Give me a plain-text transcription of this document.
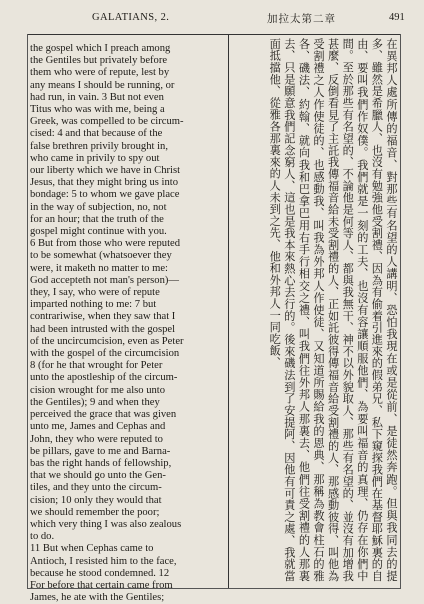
GALATIANS, 2.	加拉太第二章	491
the gospel which I preach among
the Gentiles but privately before
them who were of repute, lest by
any means I should be running, or
had run, in vain. 3 But not even
Titus who was with me, being a
Greek, was compelled to be circum-
cised: 4 and that because of the
false brethren privily brought in,
who came in privily to spy out
our liberty which we have in Christ
Jesus, that they might bring us into
bondage: 5 to whom we gave place
in the way of subjection, no, not
for an hour; that the truth of the
gospel might continue with you.
6 But from those who were reputed
to be somewhat (whatsoever they
were, it maketh no matter to me:
God accepteth not man's person)—
they, I say, who were of repute
imparted nothing to me: 7 but
contrariwise, when they saw that I
had been intrusted with the gospel
of the uncircumcision, even as Peter
with the gospel of the circumcision
8 (for he that wrought for Peter
unto the apostleship of the circum-
cision wrought for me also unto
the Gentiles); 9 and when they
perceived the grace that was given
unto me, James and Cephas and
John, they who were reputed to
be pillars, gave to me and Barna-
bas the right hands of fellowship,
that we should go unto the Gen-
tiles, and they unto the circum-
cision; 10 only they would that
we should remember the poor;
which very thing I was also zealous
to do.
11 But when Cephas came to
Antioch, I resisted him to the face,
because he stood condemned. 12
For before that certain came from
James, he ate with the Gentiles;
在異邦人處所傳的福音、對那些有名望的人講明、恐怕我現在或是從前、是徒然奔跑。但與我同去的提多、雖然是希臘人、也沒有勉強他受割禮、因為有偷着引進來的假弟兄、私下窺探我們在基督耶穌裏的自由、要叫我們作奴僕。我們就是一刻的工夫、也沒有容讓順服他們、為要叫福音的真理、仍存在你們中間。至於那些有名望的、不論他是何等人、都與我無干、神不以外貌取人、那些有名望的、並沒有加增我甚麼、反倒看見了主託我傳福音給未受割禮的人、正如託彼得傳福音給受割禮的人、那感動彼得、叫他為受割禮之人作使徒的、也感動我、叫我為外邦人作使徒、又知道所賜給我的恩典、那稱為教會柱石的雅各、磯法、約翰、就向我和巴拿巴用右手行相交之禮、叫我們往外邦人那裏去、他們往受割禮的人那裏去、只是願意我們記念窮人、這也是我本來熱心去行的。後來磯法到了安提阿、因他有可責之處、我就當面抵擋他、從雅各那裏來的人未到之先、他和外邦人一同吃飯、
